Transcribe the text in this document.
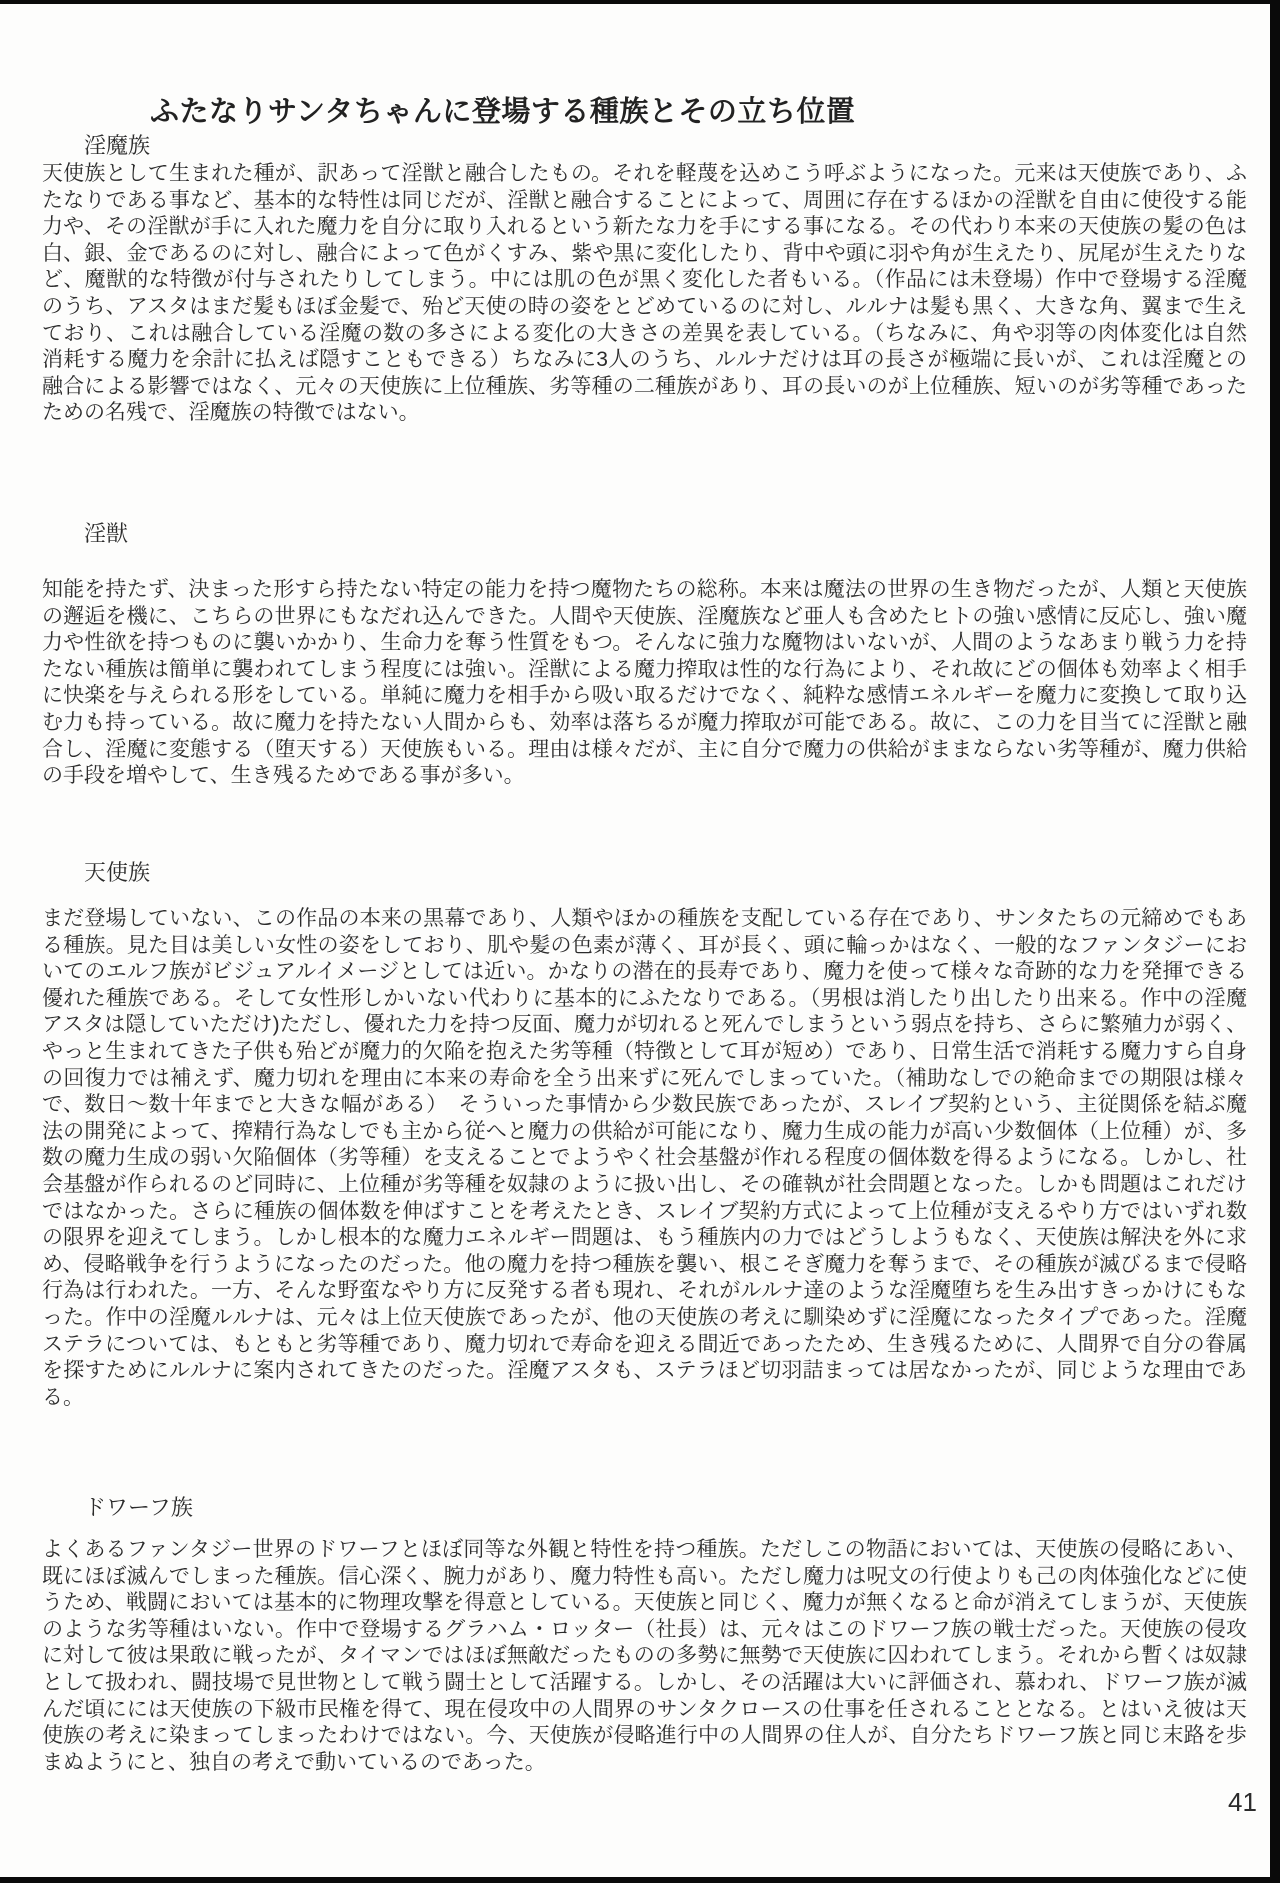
ふたなりサンタちゃんに登場する種族とその立ち位置
淫魔族
天使族として生まれた種が、訳あって淫獣と融合したもの。それを軽蔑を込めこう呼ぶようになった。元来は天使族であり、ふたなりである事など、基本的な特性は同じだが、淫獣と融合することによって、周囲に存在するほかの淫獣を自由に使役する能力や、その淫獣が手に入れた魔力を自分に取り入れるという新たな力を手にする事になる。その代わり本来の天使族の髪の色は白、銀、金であるのに対し、融合によって色がくすみ、紫や黒に変化したり、背中や頭に羽や角が生えたり、尻尾が生えたりなど、魔獣的な特徴が付与されたりしてしまう。中には肌の色が黒く変化した者もいる。（作品には未登場）作中で登場する淫魔のうち、アスタはまだ髪もほぼ金髪で、殆ど天使の時の姿をとどめているのに対し、ルルナは髪も黒く、大きな角、翼まで生えており、これは融合している淫魔の数の多さによる変化の大きさの差異を表している。（ちなみに、角や羽等の肉体変化は自然消耗する魔力を余計に払えば隠すこともできる）ちなみに3人のうち、ルルナだけは耳の長さが極端に長いが、これは淫魔との融合による影響ではなく、元々の天使族に上位種族、劣等種の二種族があり、耳の長いのが上位種族、短いのが劣等種であったための名残で、淫魔族の特徴ではない。
淫獣
知能を持たず、決まった形すら持たない特定の能力を持つ魔物たちの総称。本来は魔法の世界の生き物だったが、人類と天使族の邂逅を機に、こちらの世界にもなだれ込んできた。人間や天使族、淫魔族など亜人も含めたヒトの強い感情に反応し、強い魔力や性欲を持つものに襲いかかり、生命力を奪う性質をもつ。そんなに強力な魔物はいないが、人間のようなあまり戦う力を持たない種族は簡単に襲われてしまう程度には強い。淫獣による魔力搾取は性的な行為により、それ故にどの個体も効率よく相手に快楽を与えられる形をしている。単純に魔力を相手から吸い取るだけでなく、純粋な感情エネルギーを魔力に変換して取り込む力も持っている。故に魔力を持たない人間からも、効率は落ちるが魔力搾取が可能である。故に、この力を目当てに淫獣と融合し、淫魔に変態する（堕天する）天使族もいる。理由は様々だが、主に自分で魔力の供給がままならない劣等種が、魔力供給の手段を増やして、生き残るためである事が多い。
天使族
まだ登場していない、この作品の本来の黒幕であり、人類やほかの種族を支配している存在であり、サンタたちの元締めでもある種族。見た目は美しい女性の姿をしており、肌や髪の色素が薄く、耳が長く、頭に輪っかはなく、一般的なファンタジーにおいてのエルフ族がビジュアルイメージとしては近い。かなりの潜在的長寿であり、魔力を使って様々な奇跡的な力を発揮できる優れた種族である。そして女性形しかいない代わりに基本的にふたなりである。（男根は消したり出したり出来る。作中の淫魔アスタは隠していただけ)ただし、優れた力を持つ反面、魔力が切れると死んでしまうという弱点を持ち、さらに繁殖力が弱く、やっと生まれてきた子供も殆どが魔力的欠陥を抱えた劣等種（特徴として耳が短め）であり、日常生活で消耗する魔力すら自身の回復力では補えず、魔力切れを理由に本来の寿命を全う出来ずに死んでしまっていた。（補助なしでの絶命までの期限は様々で、数日～数十年までと大きな幅がある）　そういった事情から少数民族であったが、スレイブ契約という、主従関係を結ぶ魔法の開発によって、搾精行為なしでも主から従へと魔力の供給が可能になり、魔力生成の能力が高い少数個体（上位種）が、多数の魔力生成の弱い欠陥個体（劣等種）を支えることでようやく社会基盤が作れる程度の個体数を得るようになる。しかし、社会基盤が作られるのど同時に、上位種が劣等種を奴隷のように扱い出し、その確執が社会問題となった。しかも問題はこれだけではなかった。さらに種族の個体数を伸ばすことを考えたとき、スレイブ契約方式によって上位種が支えるやり方ではいずれ数の限界を迎えてしまう。しかし根本的な魔力エネルギー問題は、もう種族内の力ではどうしようもなく、天使族は解決を外に求め、侵略戦争を行うようになったのだった。他の魔力を持つ種族を襲い、根こそぎ魔力を奪うまで、その種族が滅びるまで侵略行為は行われた。一方、そんな野蛮なやり方に反発する者も現れ、それがルルナ達のような淫魔堕ちを生み出すきっかけにもなった。作中の淫魔ルルナは、元々は上位天使族であったが、他の天使族の考えに馴染めずに淫魔になったタイプであった。淫魔ステラについては、もともと劣等種であり、魔力切れで寿命を迎える間近であったため、生き残るために、人間界で自分の眷属を探すためにルルナに案内されてきたのだった。淫魔アスタも、ステラほど切羽詰まっては居なかったが、同じような理由である。
ドワーフ族
よくあるファンタジー世界のドワーフとほぼ同等な外観と特性を持つ種族。ただしこの物語においては、天使族の侵略にあい、既にほぼ滅んでしまった種族。信心深く、腕力があり、魔力特性も高い。ただし魔力は呪文の行使よりも己の肉体強化などに使うため、戦闘においては基本的に物理攻撃を得意としている。天使族と同じく、魔力が無くなると命が消えてしまうが、天使族のような劣等種はいない。作中で登場するグラハム・ロッター（社長）は、元々はこのドワーフ族の戦士だった。天使族の侵攻に対して彼は果敢に戦ったが、タイマンではほぼ無敵だったものの多勢に無勢で天使族に囚われてしまう。それから暫くは奴隷として扱われ、闘技場で見世物として戦う闘士として活躍する。しかし、その活躍は大いに評価され、慕われ、ドワーフ族が滅んだ頃にには天使族の下級市民権を得て、現在侵攻中の人間界のサンタクロースの仕事を任されることとなる。とはいえ彼は天使族の考えに染まってしまったわけではない。今、天使族が侵略進行中の人間界の住人が、自分たちドワーフ族と同じ末路を歩まぬようにと、独自の考えで動いているのであった。
41
